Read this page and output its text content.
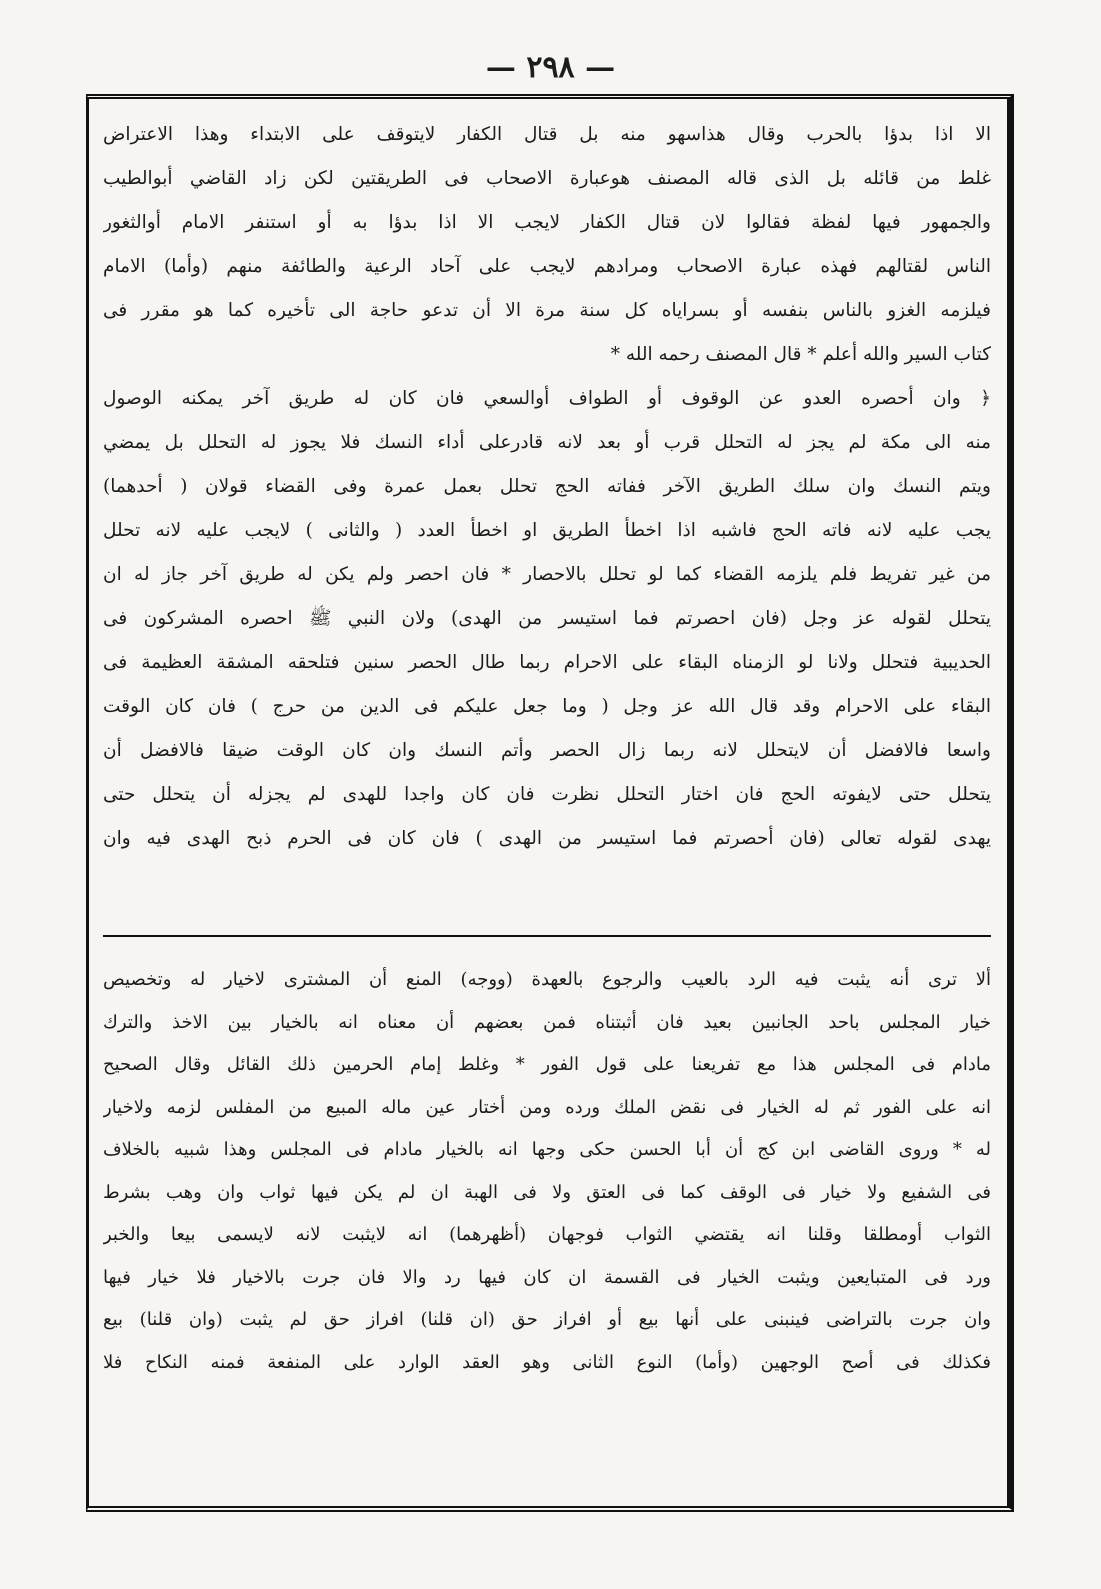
— ٢٩٨ —
الا اذا بدؤا بالحرب وقال هذاسهو منه بل قتال الكفار لايتوقف على الابتداء وهذا الاعتراض
غلط من قائله بل الذى قاله المصنف هوعبارة الاصحاب فى الطريقتين لكن زاد القاضي أبوالطيب
والجمهور فيها لفظة فقالوا لان قتال الكفار لايجب الا اذا بدؤا به أو استنفر الامام أوالثغور
الناس لقتالهم فهذه عبارة الاصحاب ومرادهم لايجب على آحاد الرعية والطائفة منهم (وأما) الامام
فيلزمه الغزو بالناس بنفسه أو بسراياه كل سنة مرة الا أن تدعو حاجة الى تأخيره كما هو مقرر فى
كتاب السير والله أعلم * قال المصنف رحمه الله *
﴿ وان أحصره العدو عن الوقوف أو الطواف أوالسعي فان كان له طريق آخر يمكنه الوصول
منه الى مكة لم يجز له التحلل قرب أو بعد لانه قادرعلى أداء النسك فلا يجوز له التحلل بل يمضي
ويتم النسك وان سلك الطريق الآخر ففاته الحج تحلل بعمل عمرة وفى القضاء قولان ( أحدهما)
يجب عليه لانه فاته الحج فاشبه اذا اخطأ الطريق او اخطأ العدد ( والثانى ) لايجب عليه لانه تحلل
من غير تفريط فلم يلزمه القضاء كما لو تحلل بالاحصار * فان احصر ولم يكن له طريق آخر جاز له ان
يتحلل لقوله عز وجل (فان احصرتم فما استيسر من الهدى) ولان النبي ﷺ احصره المشركون فى
الحديبية فتحلل ولانا لو الزمناه البقاء على الاحرام ربما طال الحصر سنين فتلحقه المشقة العظيمة فى
البقاء على الاحرام وقد قال الله عز وجل ( وما جعل عليكم فى الدين من حرج ) فان كان الوقت
واسعا فالافضل أن لايتحلل لانه ربما زال الحصر وأتم النسك وان كان الوقت ضيقا فالافضل أن
يتحلل حتى لايفوته الحج فان اختار التحلل نظرت فان كان واجدا للهدى لم يجزله أن يتحلل حتى
يهدى لقوله تعالى (فان أحصرتم فما استيسر من الهدى ) فان كان فى الحرم ذبح الهدى فيه وان
ألا ترى أنه يثبت فيه الرد بالعيب والرجوع بالعهدة (ووجه) المنع أن المشترى لاخيار له وتخصيص
خيار المجلس باحد الجانبين بعيد فان أثبتناه فمن بعضهم أن معناه انه بالخيار بين الاخذ والترك
مادام فى المجلس هذا مع تفريعنا على قول الفور * وغلط إمام الحرمين ذلك القائل وقال الصحيح
انه على الفور ثم له الخيار فى نقض الملك ورده ومن أختار عين ماله المبيع من المفلس لزمه ولاخيار
له * وروى القاضى ابن كج أن أبا الحسن حكى وجها انه بالخيار مادام فى المجلس وهذا شبيه بالخلاف
فى الشفيع ولا خيار فى الوقف كما فى العتق ولا فى الهبة ان لم يكن فيها ثواب وان وهب بشرط
الثواب أومطلقا وقلنا انه يقتضي الثواب فوجهان (أظهرهما) انه لايثبت لانه لايسمى بيعا والخبر
ورد فى المتبايعين ويثبت الخيار فى القسمة ان كان فيها رد والا فان جرت بالاخيار فلا خيار فيها
وان جرت بالتراضى فينبنى على أنها بيع أو افراز حق (ان قلنا) افراز حق لم يثبت (وان قلنا) بيع
فكذلك فى أصح الوجهين (وأما) النوع الثانى وهو العقد الوارد على المنفعة فمنه النكاح فلا
